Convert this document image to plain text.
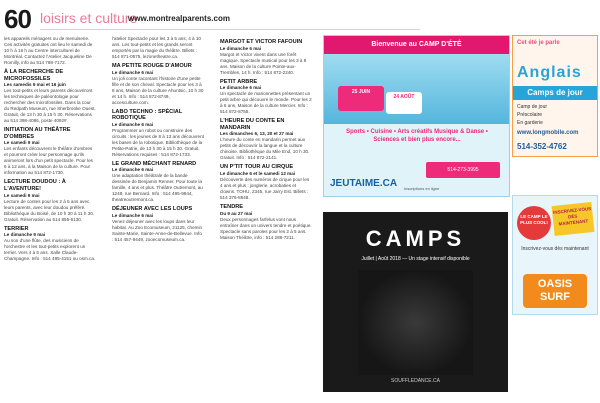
60 loisirs et culture
www.montrealparents.com

les appareils ménagers ou de menuiserie. Ces activités gratuites ont lieu le samedi de 10 h à 16 h au Centre interculturel de Montréal. Contactez l'Atelier Jacqueline De Romilly, info au 514 788-7172.

À LA RECHERCHE DE MICROFOSSILES
Les samedis 9 mai et 16 juin
Les tout-petits et leurs parents découvriront les techniques de paléontologie pour rechercher des microfossiles. Dans la cour du Redpath Museum, rue Sherbrooke Ouest. Gratuit, de 13 h 30 à 15 h 30. Réservations au 514 398-4086, poste 4092#.

INITIATION AU THÉÂTRE D'OMBRES
Le samedi 9 mai
Les enfants découvrent le théâtre d'ombres et pourront créer leur personnage qu'ils animeront lors d'un petit spectacle. Pour les 6 à 12 ans, à la Maison de la culture. Pour information au 514 872-1730.

LECTURE DOUDOU : À L'AVENTURE!
Le samedi 9 mai
Lecture de contes pour les 2 à 5 ans avec leurs parents, avec leur doudou préféré. Bibliothèque du Boisé, de 10 h 30 à 11 h 30. Gratuit. Réservation au 514 855-6130.

TERRIER
Le dimanche 9 mai
Au son d'une flûte, des musiciens de l'orchestre et les tout-petits explorent un terrier. Vers 4 à 5 ans. Salle Claude-Champagne. Info : 514 485-4151 ou osm.ca.

l'atelier Spectacle pour les 3 à 5 ans, 4 à 10 ans. Les tout-petits et les grands seront emportés par la magie du théâtre. Billets : 514 871-0575, lezonetheatre.ca.

MA PETITE ROUGE D'AMOUR
Le dimanche 6 mai
Un joli conte racontant l'histoire d'une petite fille et de son cheval. Spectacle pour les 3 à 8 ans, Maison de la culture Ahuntsic, 10 h 30 et 14 h. Info : 514 872-8749, accesculture.com.

LABO TECHNO : SPÉCIAL ROBOTIQUE
Le dimanche 6 mai
Programmer un robot ou construire des circuits : les jeunes de 8 à 13 ans découvrent les bases de la robotique. Bibliothèque de la Petite-Patrie, de 13 h 30 à 15 h 30. Gratuit. Réservations requises : 514 872-1733.

LE GRAND MÉCHANT RENARD
Le dimanche 6 mai
Une adaptation théâtrale de la bande dessinée de Benjamin Renner. Pour toute la famille, 4 ans et plus. Théâtre Outremont, au 1248, rue Bernard. Info : 514 495-9944, theatreoutremont.ca.

DÉJEUNER AVEC LES LOUPS
Le dimanche 6 mai
Venez déjeuner avec les loups dans leur habitat. Au Zoo Ecomuseum, 21125, chemin Sainte-Marie, Sainte-Anne-de-Bellevue. Info : 514 457-9449, zooecomuseum.ca.

MARGOT ET VICTOR FAFOUIN
Le dimanche 6 mai
Margot et Victor vivent dans une forêt magique. Spectacle musical pour les 3 à 8 ans. Maison de la culture Pointe-aux-Trembles, 14 h. Info : 514 872-2240.

PETIT ARBRE
Le dimanche 6 mai
Un spectacle de marionnettes présentant un petit arbre qui découvre le monde. Pour les 2 à 6 ans, Maison de la culture Mercier. Info : 514 872-8755.

L'HEURE DU CONTE EN MANDARIN
Les dimanches 6, 13, 20 et 27 mai
L'heure du conte en mandarin permet aux petits de découvrir la langue et la culture chinoise. Bibliothèque du Mile End, 10 h 30. Gratuit. Info : 514 872-2141.

UN P'TIT TOUR AU CIRQUE
Le dimanche 6 et le samedi 12 mai
Découverte des numéros de cirque pour les 4 ans et plus : jonglerie, acrobaties et clowns. TOHU, 2345, rue Jarry Est. Billets : 514 376-8648.

TENDRE
Du 9 au 27 mai
Deux personnages farfelus vont nous entraîner dans un univers tendre et poétique. Spectacle sans paroles pour les 2 à 5 ans. Maison Théâtre, info : 514 288-7211.

Bienvenue au CAMP D'ÉTÉ
25 JUIN
24 AOÛT
Sports • Cuisine • Arts créatifs Musique & Danse • Sciences et bien plus encore...
514-273-3995
JEUTAIME.CA Inscriptions en ligne
CAMPS
Juillet | Août 2018 — Un stage intensif disponible
SOUFFLEDANCE.CA
Cet été je parle
Anglais
Camps de jour
Camp de jour
Préscolaire
En garderie
www.longmobile.com
514-352-4762
LE CAMP LE PLUS COOL!
INSCRIVEZ-VOUS DÈS MAINTENANT
Inscrivez-vous dès maintenant
OASIS SURF
